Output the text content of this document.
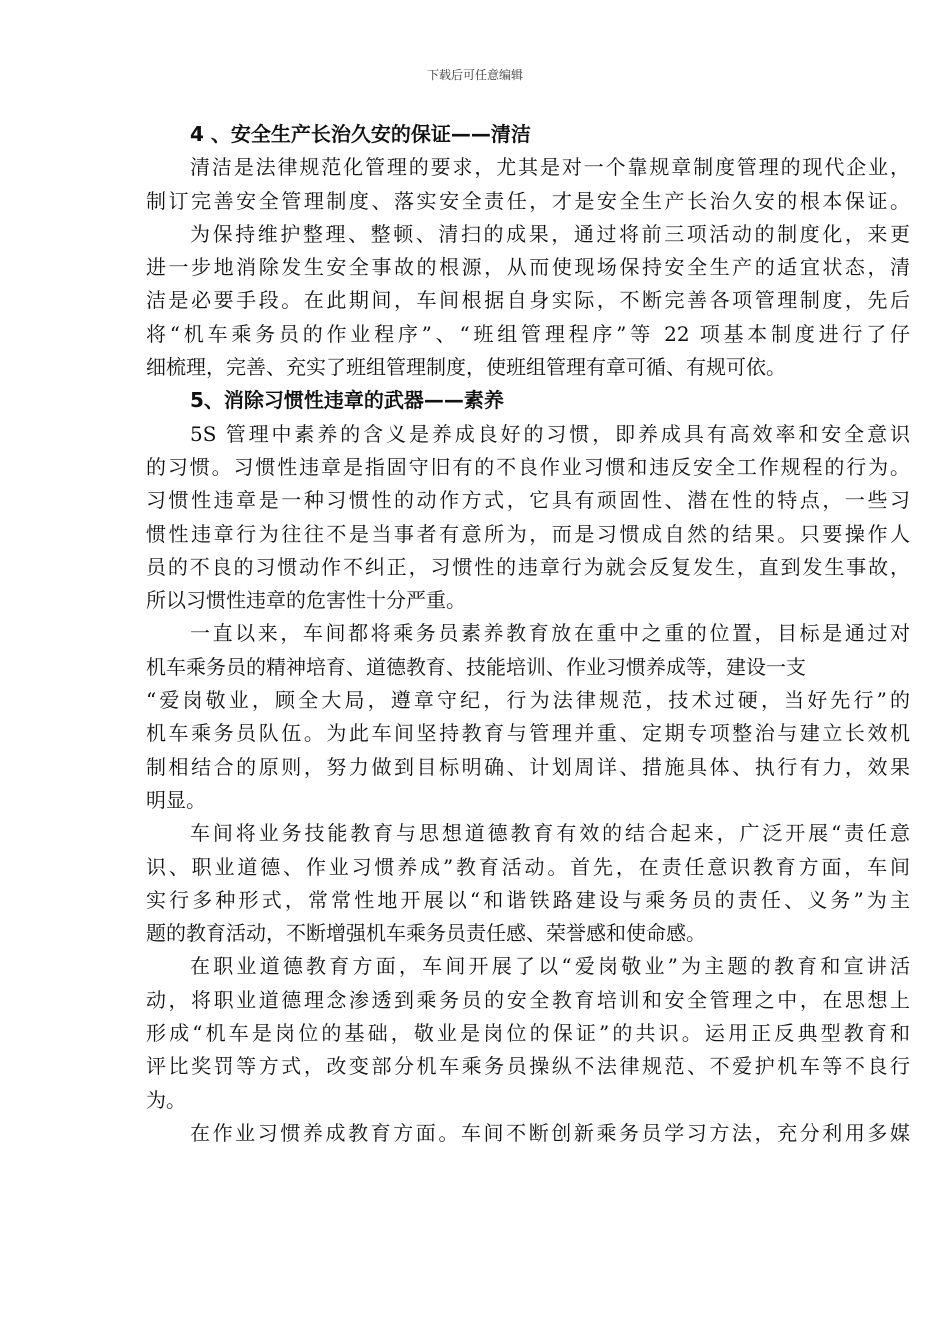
下载后可任意编辑
4 、安全生产长治久安的保证——清洁
清洁是法律规范化管理的要求，尤其是对一个靠规章制度管理的现代企业，
制订完善安全管理制度、落实安全责任，才是安全生产长治久安的根本保证。
为保持维护整理、整顿、清扫的成果，通过将前三项活动的制度化，来更
进一步地消除发生安全事故的根源，从而使现场保持安全生产的适宜状态，清
洁是必要手段。在此期间，车间根据自身实际，不断完善各项管理制度，先后
将“机车乘务员的作业程序”、“班组管理程序”等 22 项基本制度进行了仔
细梳理，完善、充实了班组管理制度，使班组管理有章可循、有规可依。
5、消除习惯性违章的武器——素养
5S 管理中素养的含义是养成良好的习惯，即养成具有高效率和安全意识
的习惯。习惯性违章是指固守旧有的不良作业习惯和违反安全工作规程的行为。
习惯性违章是一种习惯性的动作方式，它具有顽固性、潜在性的特点，一些习
惯性违章行为往往不是当事者有意所为，而是习惯成自然的结果。只要操作人
员的不良的习惯动作不纠正，习惯性的违章行为就会反复发生，直到发生事故，
所以习惯性违章的危害性十分严重。
一直以来，车间都将乘务员素养教育放在重中之重的位置，目标是通过对
机车乘务员的精神培育、道德教育、技能培训、作业习惯养成等，建设一支
“爱岗敬业，顾全大局，遵章守纪，行为法律规范，技术过硬，当好先行”的
机车乘务员队伍。为此车间坚持教育与管理并重、定期专项整治与建立长效机
制相结合的原则，努力做到目标明确、计划周详、措施具体、执行有力，效果
明显。
车间将业务技能教育与思想道德教育有效的结合起来，广泛开展“责任意
识、职业道德、作业习惯养成”教育活动。首先，在责任意识教育方面，车间
实行多种形式，常常性地开展以“和谐铁路建设与乘务员的责任、义务”为主
题的教育活动，不断增强机车乘务员责任感、荣誉感和使命感。
在职业道德教育方面，车间开展了以“爱岗敬业”为主题的教育和宣讲活
动，将职业道德理念渗透到乘务员的安全教育培训和安全管理之中，在思想上
形成“机车是岗位的基础，敬业是岗位的保证”的共识。运用正反典型教育和
评比奖罚等方式，改变部分机车乘务员操纵不法律规范、不爱护机车等不良行
为。
在作业习惯养成教育方面。车间不断创新乘务员学习方法，充分利用多媒
